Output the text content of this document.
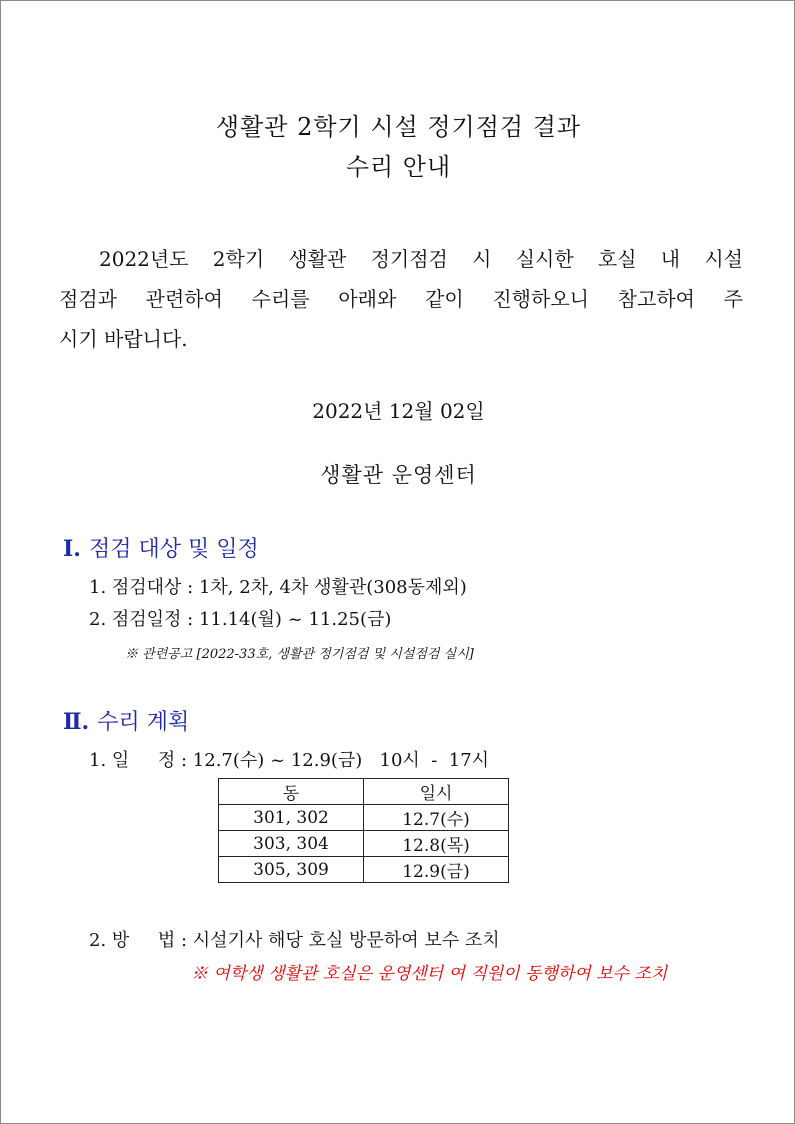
생활관 2학기 시설 정기점검 결과
수리 안내
2022년도 2학기 생활관 정기점검 시 실시한 호실 내 시설
점검과 관련하여 수리를 아래와 같이 진행하오니 참고하여 주
시기 바랍니다.
2022년 12월 02일
생활관 운영센터
Ⅰ. 점검 대상 및 일정
1. 점검대상 : 1차, 2차, 4차 생활관(308동제외)
2. 점검일정 : 11.14(월) ~ 11.25(금)
※ 관련공고 [2022-33호, 생활관 정기점검 및 시설점검 실시]
Ⅱ. 수리 계획
1. 일     정 : 12.7(수) ~ 12.9(금)   10시  -  17시
동	일시
301, 302	12.7(수)
303, 304	12.8(목)
305, 309	12.9(금)
2. 방     법 : 시설기사 해당 호실 방문하여 보수 조치
※ 여학생 생활관 호실은 운영센터 여 직원이 동행하여 보수 조치
